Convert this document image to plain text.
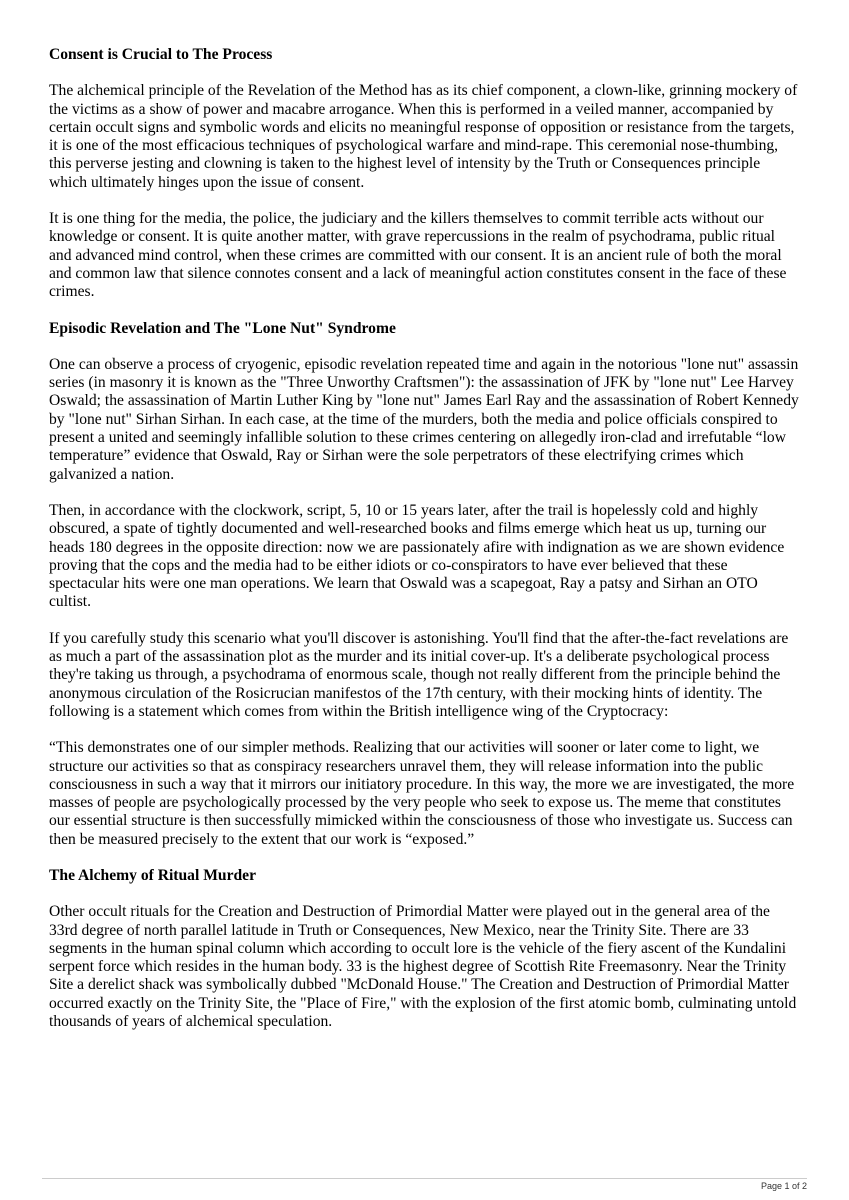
Consent is Crucial to The Process

The alchemical principle of the Revelation of the Method has as its chief component, a clown-like, grinning mockery of the victims as a show of power and macabre arrogance. When this is performed in a veiled manner, accompanied by certain occult signs and symbolic words and elicits no meaningful response of opposition or resistance from the targets, it is one of the most efficacious techniques of psychological warfare and mind-rape. This ceremonial nose-thumbing, this perverse jesting and clowning is taken to the highest level of intensity by the Truth or Consequences principle which ultimately hinges upon the issue of consent.

It is one thing for the media, the police, the judiciary and the killers themselves to commit terrible acts without our knowledge or consent. It is quite another matter, with grave repercussions in the realm of psychodrama, public ritual and advanced mind control, when these crimes are committed with our consent. It is an ancient rule of both the moral and common law that silence connotes consent and a lack of meaningful action constitutes consent in the face of these crimes.

Episodic Revelation and The "Lone Nut" Syndrome

One can observe a process of cryogenic, episodic revelation repeated time and again in the notorious "lone nut" assassin series (in masonry it is known as the "Three Unworthy Craftsmen"): the assassination of JFK by "lone nut" Lee Harvey Oswald; the assassination of Martin Luther King by "lone nut" James Earl Ray and the assassination of Robert Kennedy by "lone nut" Sirhan Sirhan. In each case, at the time of the murders, both the media and police officials conspired to present a united and seemingly infallible solution to these crimes centering on allegedly iron-clad and irrefutable “low temperature” evidence that Oswald, Ray or Sirhan were the sole perpetrators of these electrifying crimes which galvanized a nation.

Then, in accordance with the clockwork, script, 5, 10 or 15 years later, after the trail is hopelessly cold and highly obscured, a spate of tightly documented and well-researched books and films emerge which heat us up, turning our heads 180 degrees in the opposite direction: now we are passionately afire with indignation as we are shown evidence proving that the cops and the media had to be either idiots or co-conspirators to have ever believed that these spectacular hits were one man operations. We learn that Oswald was a scapegoat, Ray a patsy and Sirhan an OTO cultist.

If you carefully study this scenario what you'll discover is astonishing. You'll find that the after-the-fact revelations are as much a part of the assassination plot as the murder and its initial cover-up. It's a deliberate psychological process they're taking us through, a psychodrama of enormous scale, though not really different from the principle behind the anonymous circulation of the Rosicrucian manifestos of the 17th century, with their mocking hints of identity. The following is a statement which comes from within the British intelligence wing of the Cryptocracy:

“This demonstrates one of our simpler methods. Realizing that our activities will sooner or later come to light, we structure our activities so that as conspiracy researchers unravel them, they will release information into the public consciousness in such a way that it mirrors our initiatory procedure. In this way, the more we are investigated, the more masses of people are psychologically processed by the very people who seek to expose us. The meme that constitutes our essential structure is then successfully mimicked within the consciousness of those who investigate us. Success can then be measured precisely to the extent that our work is “exposed.”

The Alchemy of Ritual Murder

Other occult rituals for the Creation and Destruction of Primordial Matter were played out in the general area of the 33rd degree of north parallel latitude in Truth or Consequences, New Mexico, near the Trinity Site. There are 33 segments in the human spinal column which according to occult lore is the vehicle of the fiery ascent of the Kundalini serpent force which resides in the human body. 33 is the highest degree of Scottish Rite Freemasonry. Near the Trinity Site a derelict shack was symbolically dubbed "McDonald House." The Creation and Destruction of Primordial Matter occurred exactly on the Trinity Site, the "Place of Fire," with the explosion of the first atomic bomb, culminating untold thousands of years of alchemical speculation.

Page 1 of 2
